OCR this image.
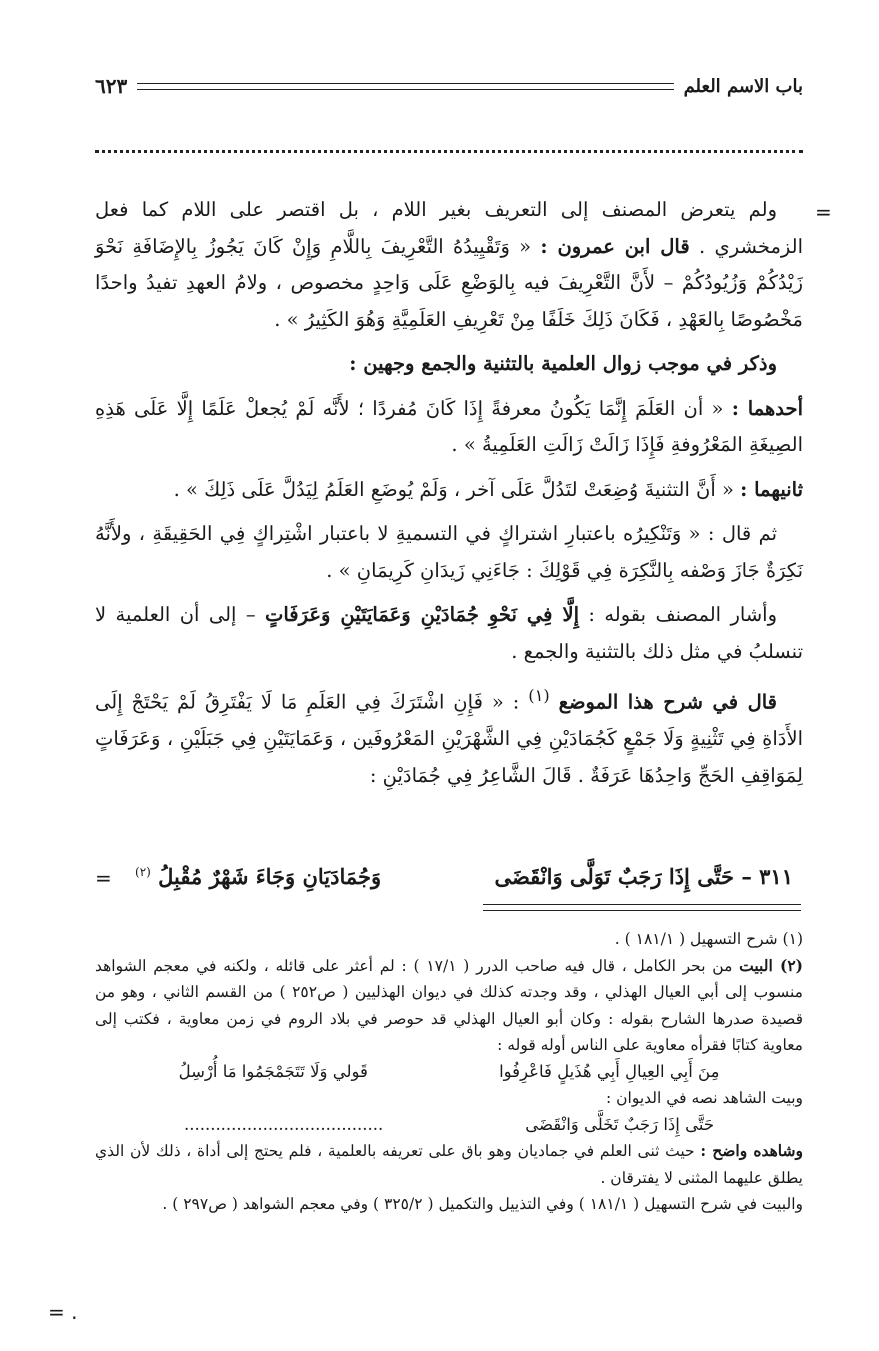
باب الاسم العلم
٦٢٣
=
=
= .

ولم يتعرض المصنف إلى التعريف بغير اللام ، بل اقتصر على اللام كما فعل الزمخشري . قال ابن عمرون : « وَتَقْيِيدُهُ التَّعْرِيفَ بِاللَّامِ وَإِنْ كَانَ يَجُوزُ بِالإِضَافَةِ نَحْوَ زَيْدُكُمْ وَزُيُودُكُمْ – لأَنَّ التَّعْرِيفَ فيه بِالوَضْعِ عَلَى وَاحِدٍ مخصوص ، ولامُ العهدِ تفيدُ واحدًا مَخْصُوصًا بِالعَهْدِ ، فَكَانَ ذَلِكَ خَلَفًا مِنْ تَعْرِيفِ العَلَمِيَّةِ وَهُوَ الكَثِيرُ » .

وذكر في موجب زوال العلمية بالتثنية والجمع وجهين :

أحدهما : « أن العَلَمَ إِنَّمَا يَكُونُ معرفةً إِذَا كَانَ مُفردًا ؛ لأَنَّه لَمْ يُجعلْ عَلَمًا إِلَّا عَلَى هَذِهِ الصِيغَةِ المَعْرُوفةِ فَإِذَا زَالَتْ زَالَتِ العَلَمِيةُ » .

ثانيهما : « أَنَّ التثنيةَ وُضِعَتْ لتَدُلَّ عَلَى آخر ، وَلَمْ يُوضَعِ العَلَمُ لِيَدُلَّ عَلَى ذَلِكَ » .

ثم قال : « وَتَنْكِيرُه باعتبارِ اشتراكٍ في التسميةِ لا باعتبار اشْتِراكٍ فِي الحَقِيقَةِ ، ولأَنَّهُ نَكِرَةٌ جَازَ وَصْفه بِالنَّكِرَة فِي قَوْلِكَ : جَاءَنِي زَيدَانِ كَرِيمَانِ » .

وأشار المصنف بقوله : إِلَّا فِي نَحْوِ جُمَادَيْنِ وَعَمَايَتَيْنِ وَعَرَفَاتٍ – إلى أن العلمية لا تنسلبُ في مثل ذلك بالتثنية والجمع .

قال في شرح هذا الموضع $^{(١)}$ : « فَإِنِ اشْتَرَكَ فِي العَلَمِ مَا لَا يَفْتَرِقُ لَمْ يَحْتَجْ إِلَى الأَدَاةِ فِي تَثْنِيةٍ وَلَا جَمْعٍ كَجُمَادَيْنِ فِي الشَّهْرَيْنِ المَعْرُوفَين ، وَعَمَايَتَيْنِ فِي جَبَلَيْنِ ، وَعَرَفَاتٍ لِمَوَاقِفِ الحَجِّ وَاحِدُهَا عَرَفَةٌ . قَالَ الشَّاعِرُ فِي جُمَادَيْنِ :

٣١١ – حَتَّى إِذَا رَجَبٌ تَوَلَّى وَانْقَضَى
وَجُمَادَيَانِ وَجَاءَ شَهْرٌ مُقْبِلُ $^{(٢)}$

(١) شرح التسهيل ( ١٨١/١ ) .

(٢) البيت من بحر الكامل ، قال فيه صاحب الدرر ( ١٧/١ ) : لم أعثر على قائله ، ولكنه في معجم الشواهد منسوب إلى أبي العيال الهذلي ، وقد وجدته كذلك في ديوان الهذليين ( ص٢٥٢ ) من القسم الثاني ، وهو من قصيدة صدرها الشارح بقوله : وكان أبو العيال الهذلي قد حوصر في بلاد الروم في زمن معاوية ، فكتب إلى معاوية كتابًا فقرأه معاوية على الناس أوله قوله :

مِنَ أَبِي العِيالِ أَبِي هُذَيلٍ فَاعْرِفُوا
قَولي وَلَا تَتَجَمْجَمُوا مَا أُرْسِلُ

وبيت الشاهد نصه في الديوان :

حَتَّى إِذَا رَجَبٌ تَخَلَّى وَانْقَضَى
......................................

وشاهده واضح : حيث ثنى العلم في جماديان وهو باق على تعريفه بالعلمية ، فلم يحتج إلى أداة ، ذلك لأن الذي يطلق عليهما المثنى لا يفترقان .

والبيت في شرح التسهيل ( ١٨١/١ ) وفي التذييل والتكميل ( ٣٢٥/٢ ) وفي معجم الشواهد ( ص٢٩٧ ) .
